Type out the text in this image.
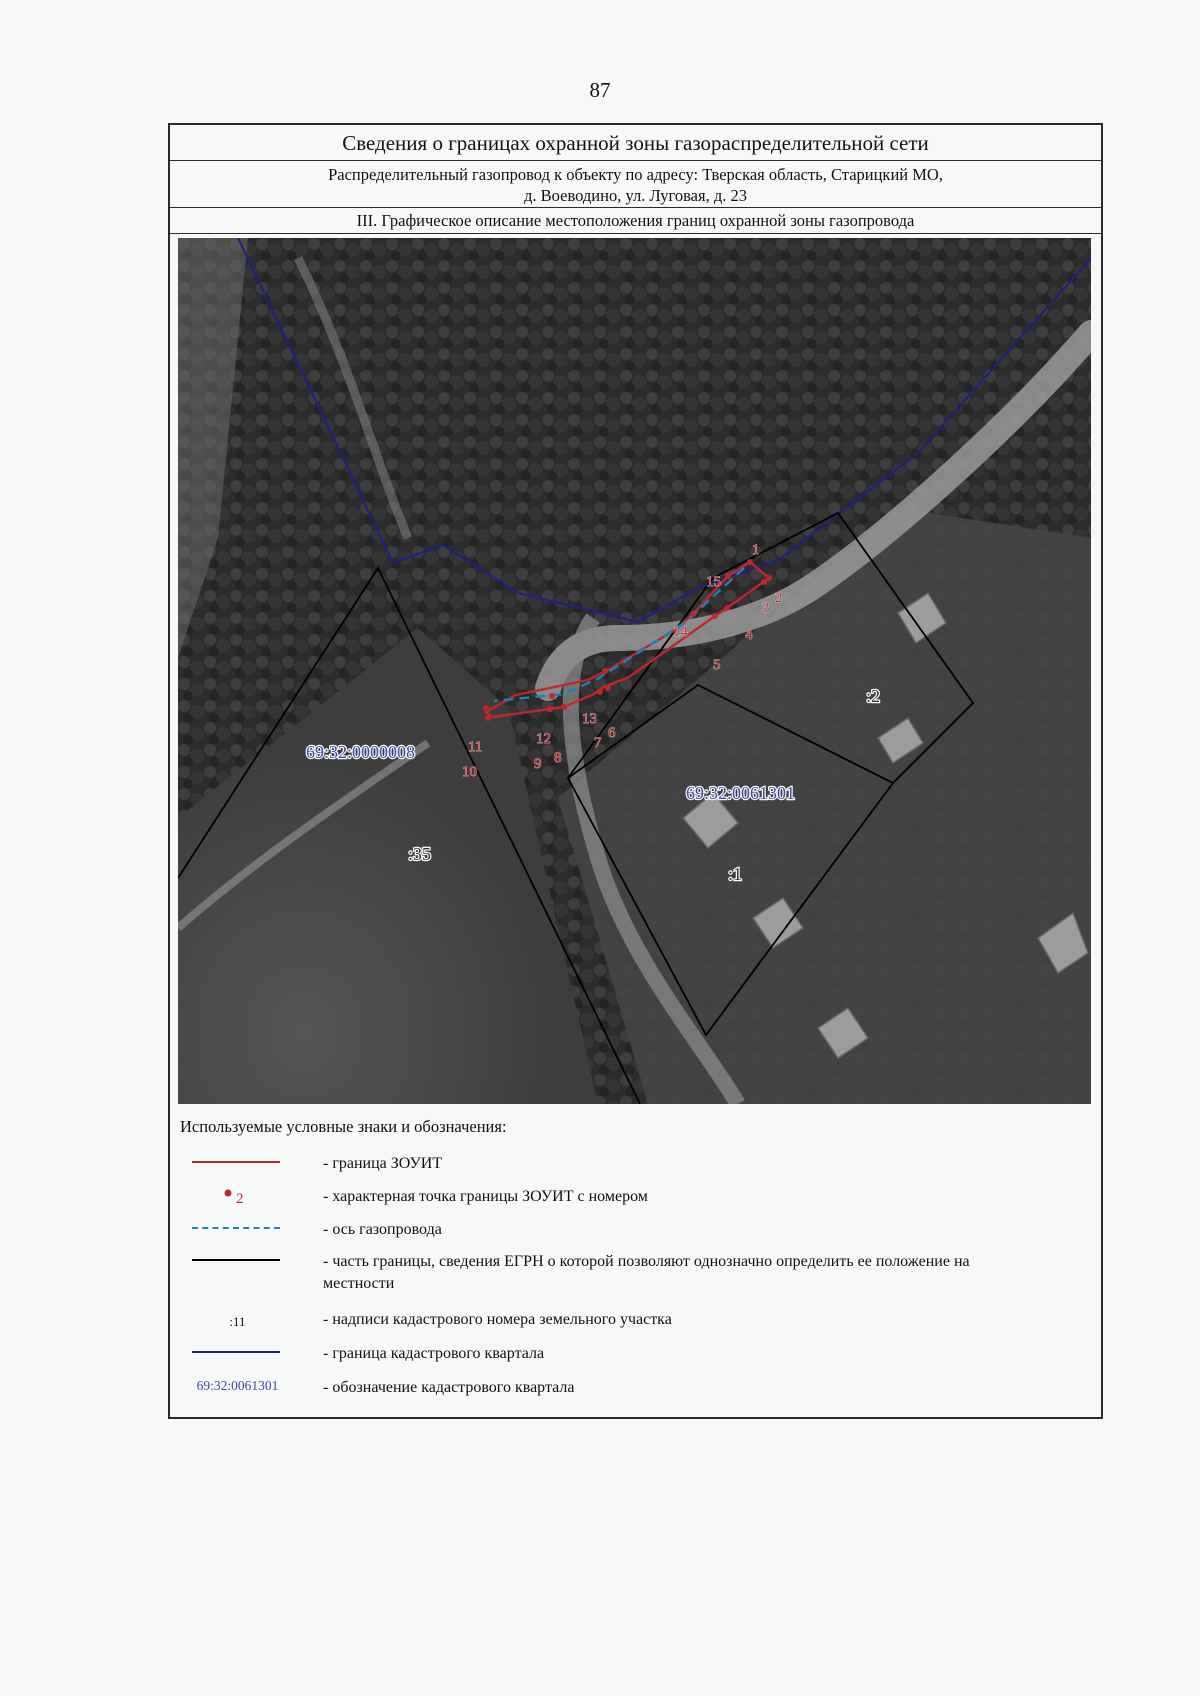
87
Сведения о границах охранной зоны газораспределительной сети
Распределительный газопровод к объекту по адресу: Тверская область, Старицкий МО,
д. Воеводино, ул. Луговая, д. 23
III. Графическое описание местоположения границ охранной зоны газопровода
1
2
3
4
5
6
7
8
9
10
11	12
13
14
15
69:32:0000008
69:32:0061301
:35
:1
:2
Используемые условные знаки и обозначения:
- граница ЗОУИТ
2	- характерная точка границы ЗОУИТ с номером
- ось газопровода
- часть границы, сведения ЕГРН о которой позволяют однозначно определить ее положение на местности
:11	- надписи кадастрового номера земельного участка
- граница кадастрового квартала
69:32:0061301	- обозначение кадастрового квартала
